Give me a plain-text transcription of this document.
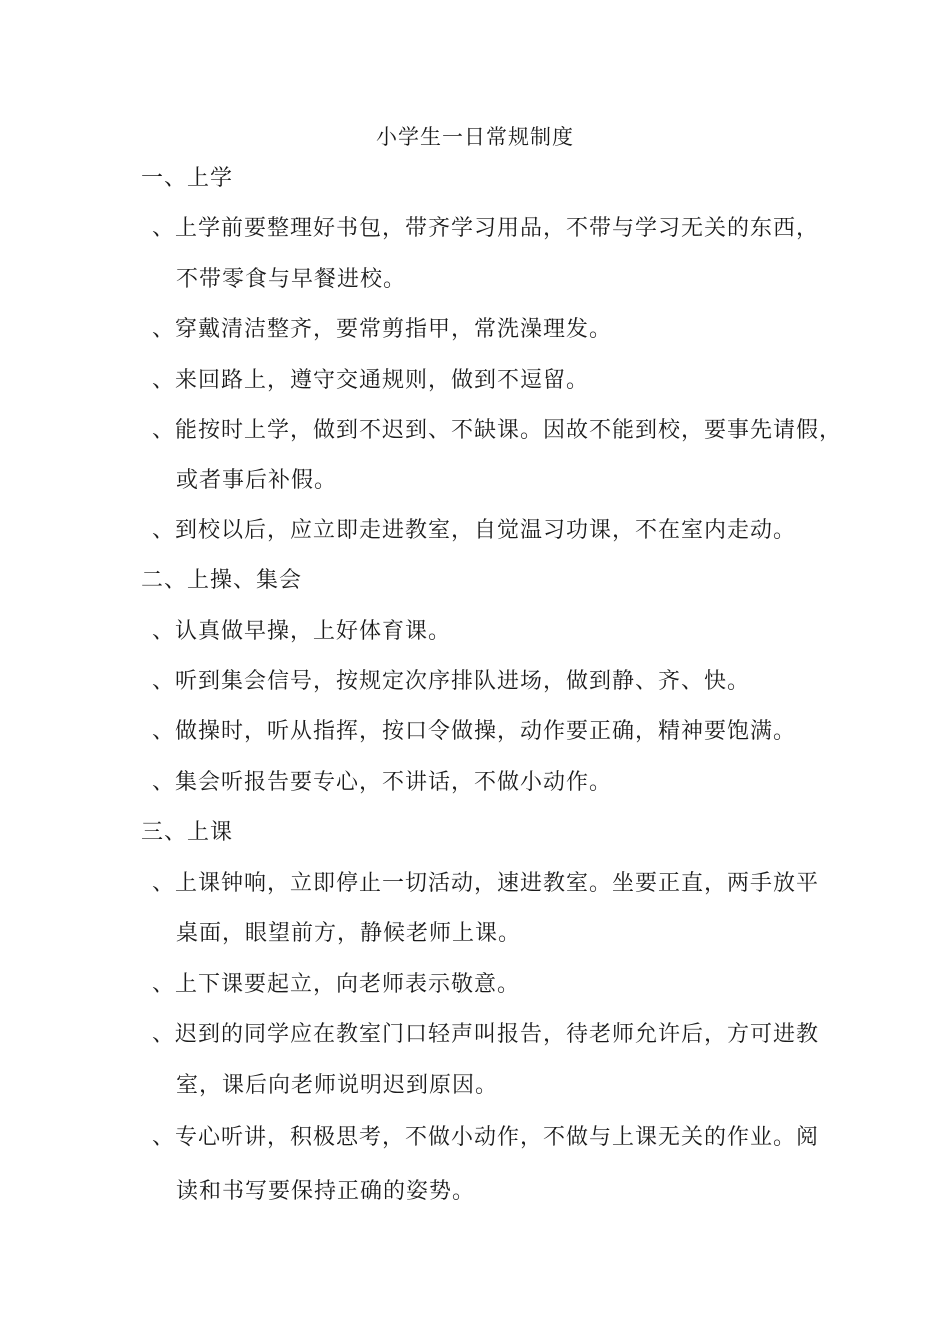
小学生一日常规制度
一、上学
、上学前要整理好书包，带齐学习用品，不带与学习无关的东西，
不带零食与早餐进校。
、穿戴清洁整齐，要常剪指甲，常洗澡理发。
、来回路上，遵守交通规则，做到不逗留。
、能按时上学，做到不迟到、不缺课。因故不能到校，要事先请假，
或者事后补假。
、到校以后，应立即走进教室，自觉温习功课，不在室内走动。
二、上操、集会
、认真做早操，上好体育课。
、听到集会信号，按规定次序排队进场，做到静、齐、快。
、做操时，听从指挥，按口令做操，动作要正确，精神要饱满。
、集会听报告要专心，不讲话，不做小动作。
三、上课
、上课钟响，立即停止一切活动，速进教室。坐要正直，两手放平
桌面，眼望前方，静候老师上课。
、上下课要起立，向老师表示敬意。
、迟到的同学应在教室门口轻声叫报告，待老师允许后，方可进教
室，课后向老师说明迟到原因。
、专心听讲，积极思考，不做小动作，不做与上课无关的作业。阅
读和书写要保持正确的姿势。
